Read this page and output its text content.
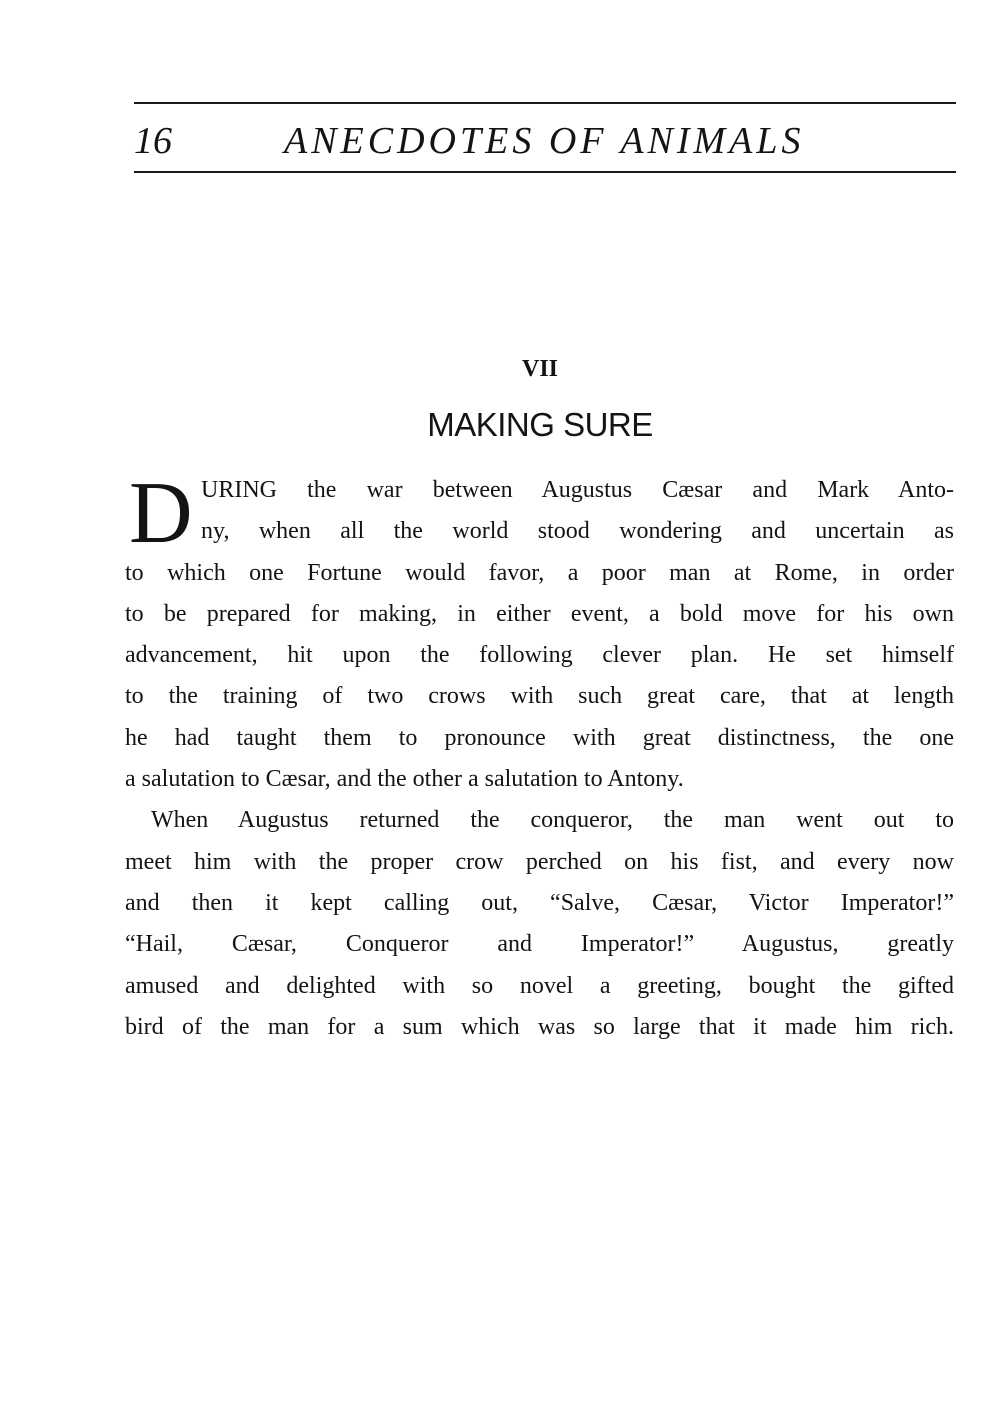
16	ANECDOTES OF ANIMALS
VII
MAKING SURE

D URING the war between Augustus Cæsar and Mark Anto-
ny, when all the world stood wondering and uncertain as
to which one Fortune would favor, a poor man at Rome, in order
to be prepared for making, in either event, a bold move for his own
advancement, hit upon the following clever plan. He set himself
to the training of two crows with such great care, that at length
he had taught them to pronounce with great distinctness, the one
a salutation to Cæsar, and the other a salutation to Antony.

When Augustus returned the conqueror, the man went out to
meet him with the proper crow perched on his fist, and every now
and then it kept calling out, “Salve, Cæsar, Victor Imperator!”
“Hail, Cæsar, Conqueror and Imperator!” Augustus, greatly
amused and delighted with so novel a greeting, bought the gifted
bird of the man for a sum which was so large that it made him rich.
